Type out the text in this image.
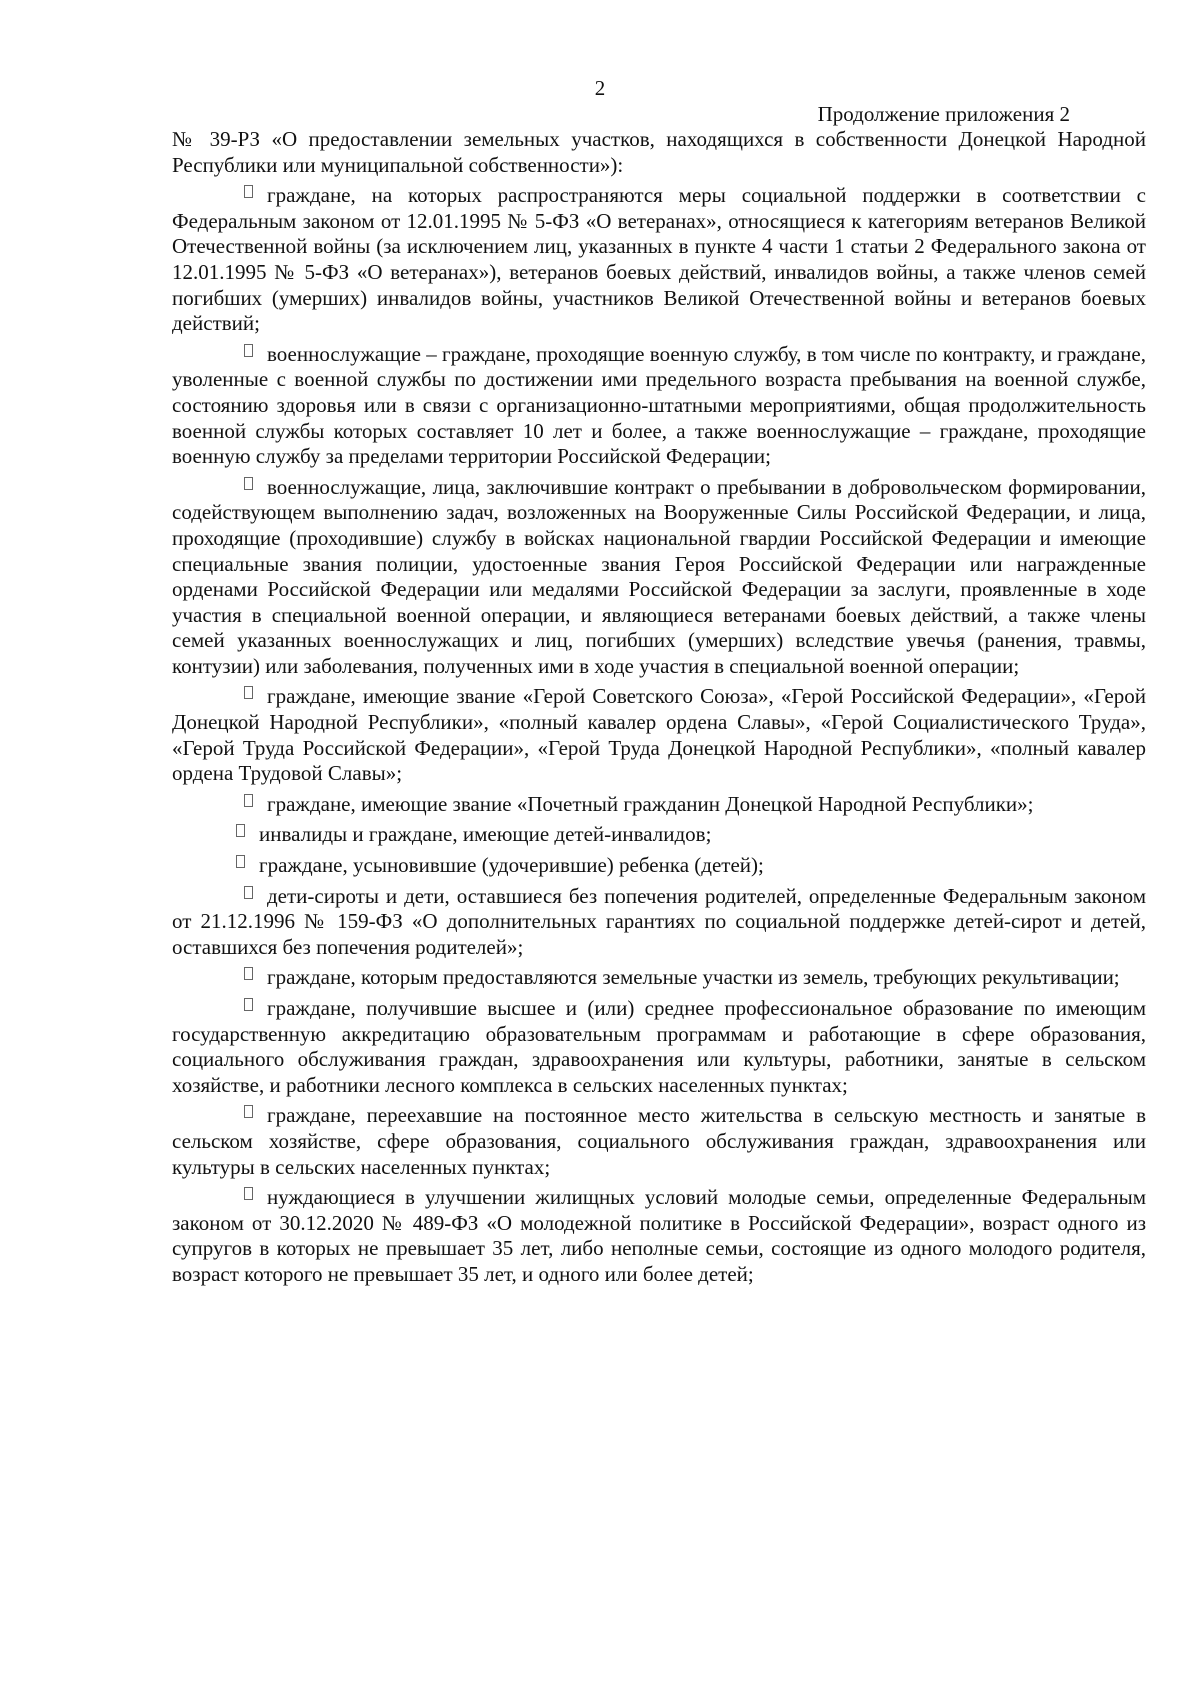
2
Продолжение приложения 2

№ 39-РЗ «О предоставлении земельных участков, находящихся в собственности Донецкой Народной Республики или муниципальной собственности»):

граждане, на которых распространяются меры социальной поддержки в соответствии с Федеральным законом от 12.01.1995 № 5-ФЗ «О ветеранах», относящиеся к категориям ветеранов Великой Отечественной войны (за исключением лиц, указанных в пункте 4 части 1 статьи 2 Федерального закона от 12.01.1995 № 5-ФЗ «О ветеранах»), ветеранов боевых действий, инвалидов войны, а также членов семей погибших (умерших) инвалидов войны, участников Великой Отечественной войны и ветеранов боевых действий;

военнослужащие – граждане, проходящие военную службу, в том числе по контракту, и граждане, уволенные с военной службы по достижении ими предельного возраста пребывания на военной службе, состоянию здоровья или в связи с организационно-штатными мероприятиями, общая продолжительность военной службы которых составляет 10 лет и более, а также военнослужащие – граждане, проходящие военную службу за пределами территории Российской Федерации;

военнослужащие, лица, заключившие контракт о пребывании в добровольческом формировании, содействующем выполнению задач, возложенных на Вооруженные Силы Российской Федерации, и лица, проходящие (проходившие) службу в войсках национальной гвардии Российской Федерации и имеющие специальные звания полиции, удостоенные звания Героя Российской Федерации или награжденные орденами Российской Федерации или медалями Российской Федерации за заслуги, проявленные в ходе участия в специальной военной операции, и являющиеся ветеранами боевых действий, а также члены семей указанных военнослужащих и лиц, погибших (умерших) вследствие увечья (ранения, травмы, контузии) или заболевания, полученных ими в ходе участия в специальной военной операции;

граждане, имеющие звание «Герой Советского Союза», «Герой Российской Федерации», «Герой Донецкой Народной Республики», «полный кавалер ордена Славы», «Герой Социалистического Труда», «Герой Труда Российской Федерации», «Герой Труда Донецкой Народной Республики», «полный кавалер ордена Трудовой Славы»;

граждане, имеющие звание «Почетный гражданин Донецкой Народной Республики»;

инвалиды и граждане, имеющие детей-инвалидов;

граждане, усыновившие (удочерившие) ребенка (детей);

дети-сироты и дети, оставшиеся без попечения родителей, определенные Федеральным законом от 21.12.1996 № 159-ФЗ «О дополнительных гарантиях по социальной поддержке детей-сирот и детей, оставшихся без попечения родителей»;

граждане, которым предоставляются земельные участки из земель, требующих рекультивации;

граждане, получившие высшее и (или) среднее профессиональное образование по имеющим государственную аккредитацию образовательным программам и работающие в сфере образования, социального обслуживания граждан, здравоохранения или культуры, работники, занятые в сельском хозяйстве, и работники лесного комплекса в сельских населенных пунктах;

граждане, переехавшие на постоянное место жительства в сельскую местность и занятые в сельском хозяйстве, сфере образования, социального обслуживания граждан, здравоохранения или культуры в сельских населенных пунктах;

нуждающиеся в улучшении жилищных условий молодые семьи, определенные Федеральным законом от 30.12.2020 № 489-ФЗ «О молодежной политике в Российской Федерации», возраст одного из супругов в которых не превышает 35 лет, либо неполные семьи, состоящие из одного молодого родителя, возраст которого не превышает 35 лет, и одного или более детей;
